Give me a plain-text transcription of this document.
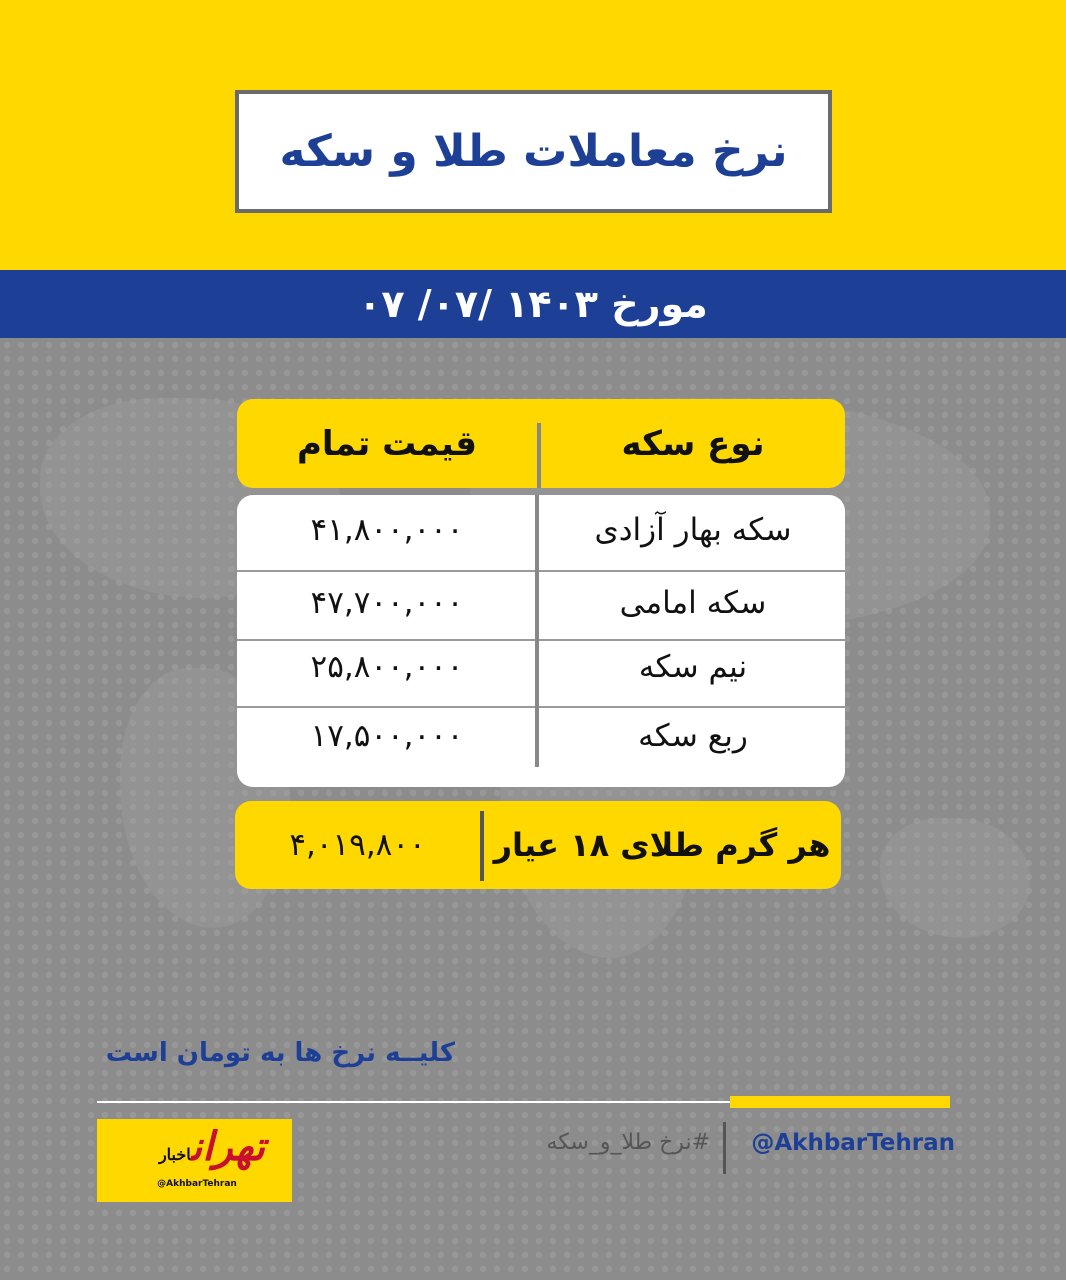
نرخ معاملات طلا و سکه
مورخ ۱۴۰۳ /۰۷/ ۰۷
نوع سکه
قیمت تمام
سکه بهار آزادی
۴۱,۸۰۰,۰۰۰
سکه امامی
۴۷,۷۰۰,۰۰۰
نیم سکه
۲۵,۸۰۰,۰۰۰
ربع سکه
۱۷,۵۰۰,۰۰۰
هر گرم طلای ۱۸ عیار
۴,۰۱۹,۸۰۰
کلیــه نرخ ها به تومان است
تهراناخبار
@AkhbarTehran
#نرخ طلا_و_سکه	@AkhbarTehran
